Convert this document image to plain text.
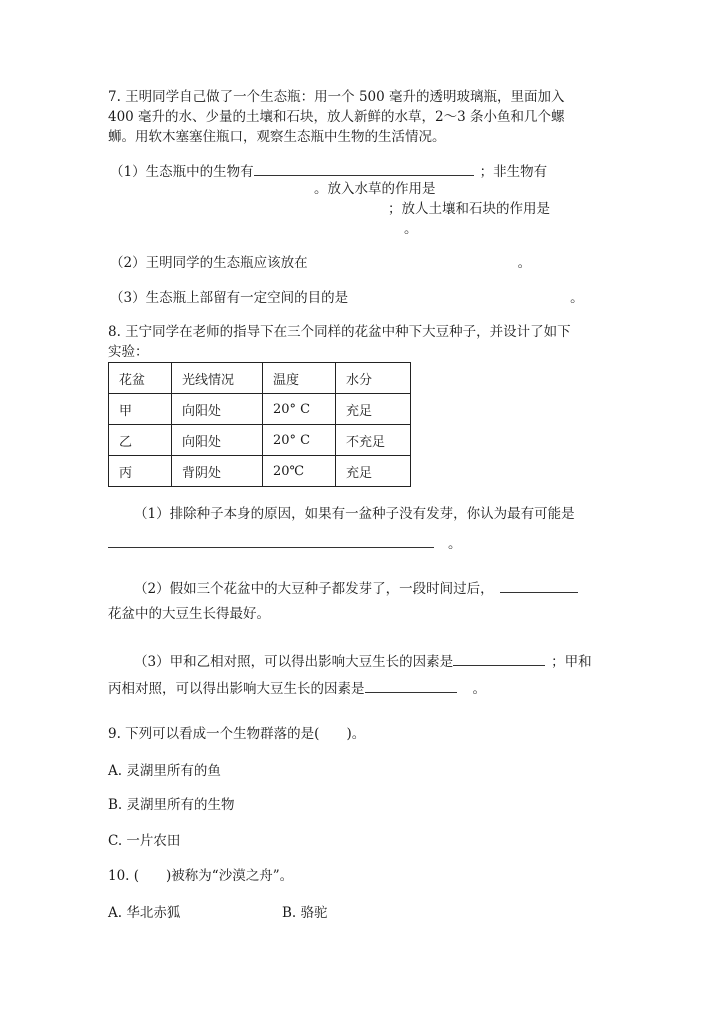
7. 王明同学自己做了一个生态瓶：用一个 500 毫升的透明玻璃瓶，里面加入
400 毫升的水、少量的土壤和石块，放人新鲜的水草，2～3 条小鱼和几个螺
蛳。用软木塞塞住瓶口，观察生态瓶中生物的生活情况。
（1）生态瓶中的生物有	；非生物有
。放入水草的作用是
；放人土壤和石块的作用是
。
（2）王明同学的生态瓶应该放在	。
（3）生态瓶上部留有一定空间的目的是	。
8. 王宁同学在老师的指导下在三个同样的花盆中种下大豆种子，并设计了如下
实验：
花盆	光线情况	温度	水分
甲	向阳处	20° C	充足
乙	向阳处	20° C	不充足
丙	背阴处	20℃	充足
（1）排除种子本身的原因，如果有一盆种子没有发芽，你认为最有可能是
。
（2）假如三个花盆中的大豆种子都发芽了，一段时间过后，
花盆中的大豆生长得最好。
（3）甲和乙相对照，可以得出影响大豆生长的因素是	；甲和
丙相对照，可以得出影响大豆生长的因素是	。
9. 下列可以看成一个生物群落的是(　　)。
A. 灵湖里所有的鱼
B. 灵湖里所有的生物
C. 一片农田
10. (　　)被称为“沙漠之舟”。
A. 华北赤狐	B. 骆驼
